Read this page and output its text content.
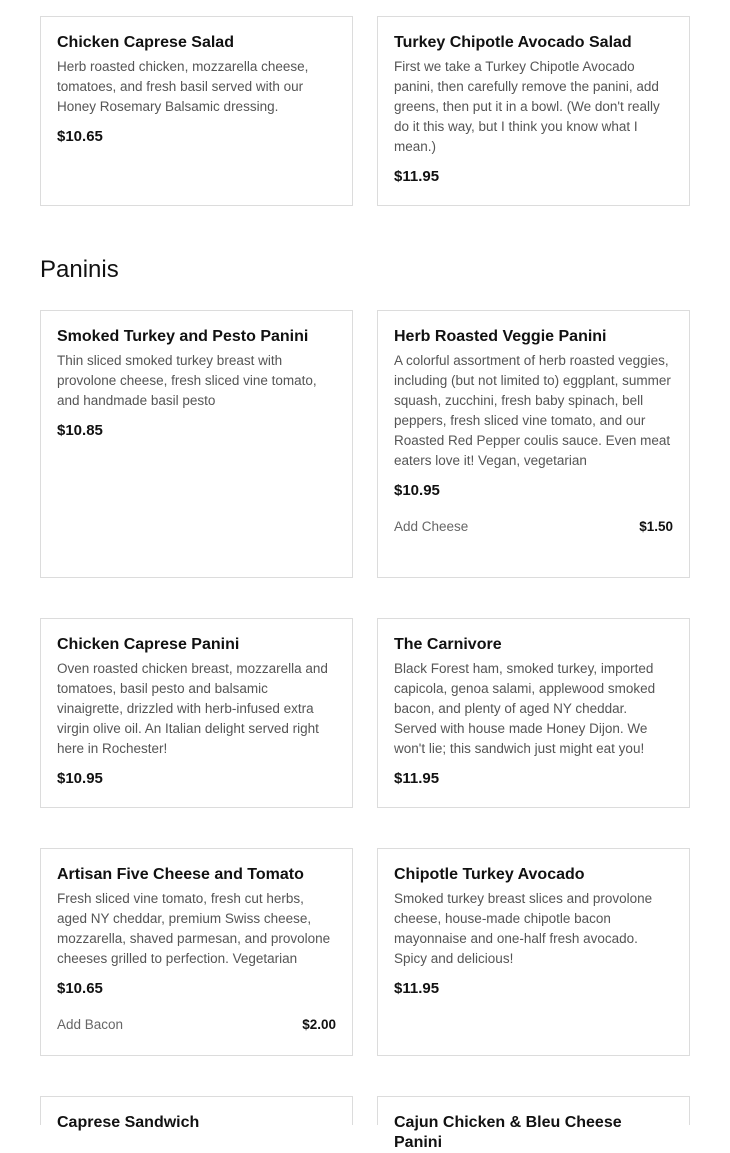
Chicken Caprese Salad

Herb roasted chicken, mozzarella cheese, tomatoes, and fresh basil served with our Honey Rosemary Balsamic dressing.

$10.65
Turkey Chipotle Avocado Salad

First we take a Turkey Chipotle Avocado panini, then carefully remove the panini, add greens, then put it in a bowl. (We don't really do it this way, but I think you know what I mean.)

$11.95
Paninis
Smoked Turkey and Pesto Panini

Thin sliced smoked turkey breast with provolone cheese, fresh sliced vine tomato, and handmade basil pesto

$10.85
Herb Roasted Veggie Panini

A colorful assortment of herb roasted veggies, including (but not limited to) eggplant, summer squash, zucchini, fresh baby spinach, bell peppers, fresh sliced vine tomato, and our Roasted Red Pepper coulis sauce. Even meat eaters love it! Vegan, vegetarian

$10.95
Add Cheese	$1.50
Chicken Caprese Panini

Oven roasted chicken breast, mozzarella and tomatoes, basil pesto and balsamic vinaigrette, drizzled with herb-infused extra virgin olive oil. An Italian delight served right here in Rochester!

$10.95
The Carnivore

Black Forest ham, smoked turkey, imported capicola, genoa salami, applewood smoked bacon, and plenty of aged NY cheddar. Served with house made Honey Dijon. We won't lie; this sandwich just might eat you!

$11.95
Artisan Five Cheese and Tomato

Fresh sliced vine tomato, fresh cut herbs, aged NY cheddar, premium Swiss cheese, mozzarella, shaved parmesan, and provolone cheeses grilled to perfection. Vegetarian

$10.65
Add Bacon	$2.00
Chipotle Turkey Avocado

Smoked turkey breast slices and provolone cheese, house-made chipotle bacon mayonnaise and one-half fresh avocado. Spicy and delicious!

$11.95
Caprese Sandwich	Cajun Chicken & Bleu Cheese Panini
